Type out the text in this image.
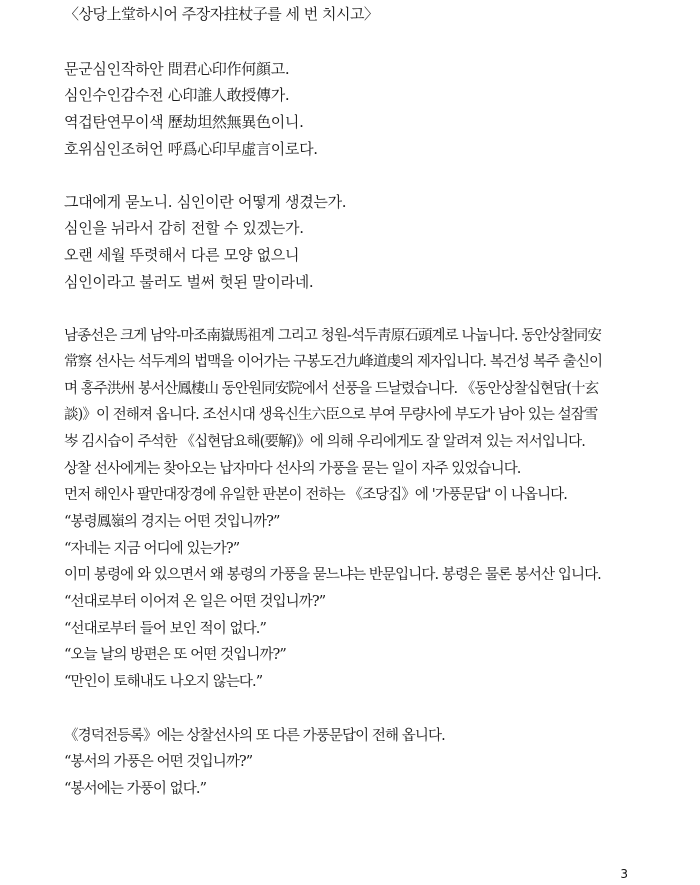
〈상당上堂하시어 주장자拄杖子를 세 번 치시고〉
문군심인작하안 問君心印作何顔고.
심인수인감수전 心印誰人敢授傳가.
역겁탄연무이색 歷劫坦然無異色이니.
호위심인조허언 呼爲心印早虛言이로다.
그대에게 묻노니. 심인이란 어떻게 생겼는가.
심인을 뉘라서 감히 전할 수 있겠는가.
오랜 세월 뚜렷해서 다른 모양 없으니
심인이라고 불러도 벌써 헛된 말이라네.
남종선은 크게 남악-마조南嶽馬祖계 그리고 청원-석두靑原石頭계로 나눕니다. 동안상찰同安
常察 선사는 석두계의 법맥을 이어가는 구봉도건九峰道虔의 제자입니다. 복건성 복주 출신이
며 홍주洪州 봉서산鳳棲山 동안원同安院에서 선풍을 드날렸습니다. 《동안상찰십현담(十玄
談)》이 전해져 옵니다. 조선시대 생육신生六臣으로 부여 무량사에 부도가 남아 있는 설잠雪
岑 김시습이 주석한 《십현담요해(要解)》에 의해 우리에게도 잘 알려져 있는 저서입니다.
상찰 선사에게는 찾아오는 납자마다 선사의 가풍을 묻는 일이 자주 있었습니다.
먼저 해인사 팔만대장경에 유일한 판본이 전하는 《조당집》에 '가풍문답' 이 나옵니다.
“봉령鳳嶺의 경지는 어떤 것입니까?”
“자네는 지금 어디에 있는가?”
이미 봉령에 와 있으면서 왜 봉령의 가풍을 묻느냐는 반문입니다. 봉령은 물론 봉서산 입니다.
“선대로부터 이어져 온 일은 어떤 것입니까?”
“선대로부터 들어 보인 적이 없다.”
“오늘 날의 방편은 또 어떤 것입니까?”
“만인이 토해내도 나오지 않는다.”
《경덕전등록》에는 상찰선사의 또 다른 가풍문답이 전해 옵니다.
“봉서의 가풍은 어떤 것입니까?”
“봉서에는 가풍이 없다.”
3
